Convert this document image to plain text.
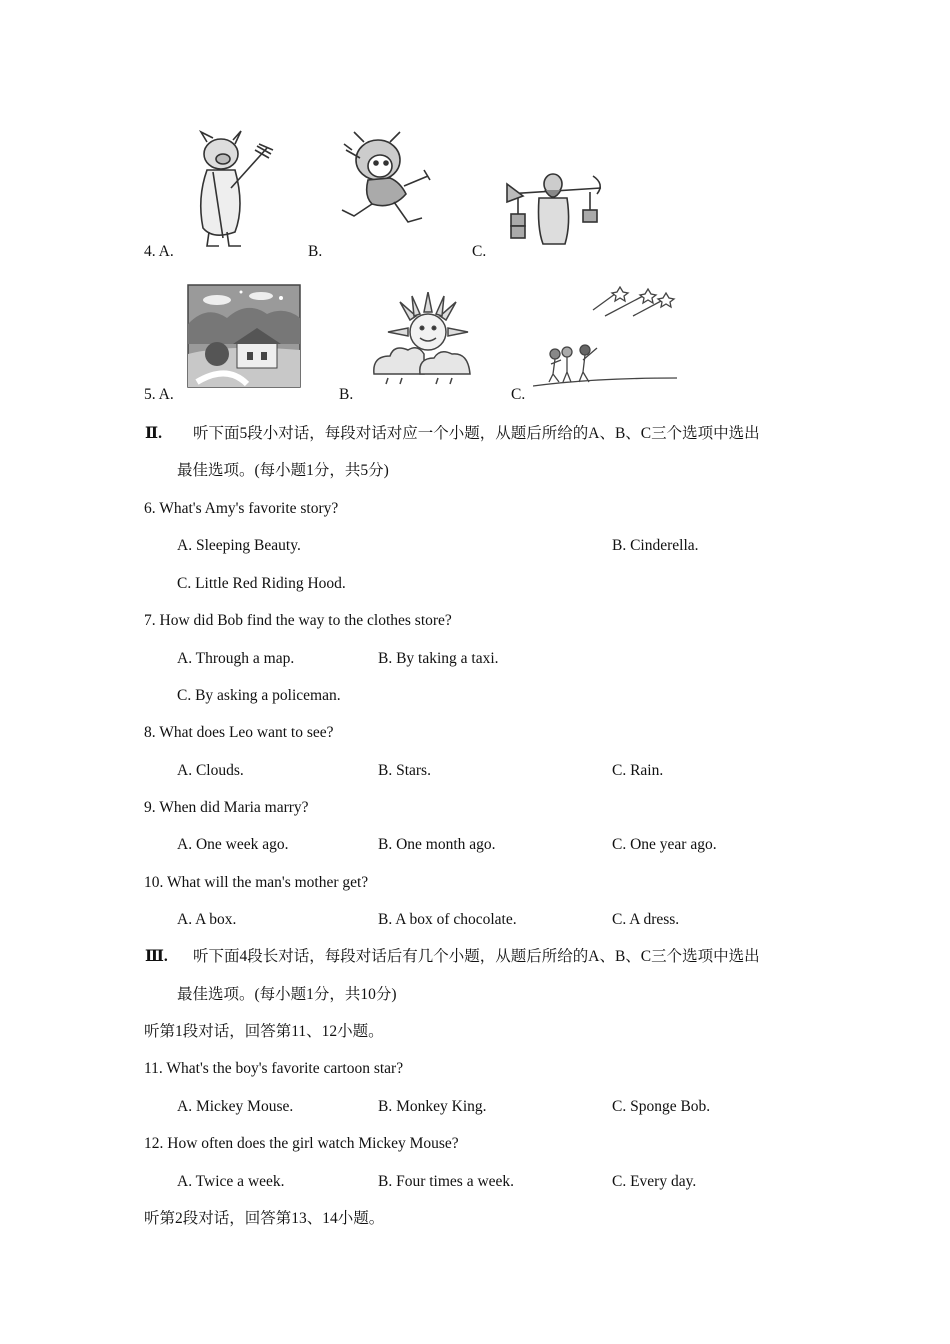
4. A.	B.	C.
5. A.	B.	C.
Ⅱ. 听下面5段小对话，每段对话对应一个小题，从题后所给的A、B、C三个选项中选出
最佳选项。(每小题1分，共5分)
6. What's Amy's favorite story?
A. Sleeping Beauty.	B. Cinderella.
C. Little Red Riding Hood.
7. How did Bob find the way to the clothes store?
A. Through a map.	B. By taking a taxi.
C. By asking a policeman.
8. What does Leo want to see?
A. Clouds.	B. Stars.	C. Rain.
9. When did Maria marry?
A. One week ago.	B. One month ago.	C. One year ago.
10. What will the man's mother get?
A. A box.	B. A box of chocolate.	C. A dress.
Ⅲ. 听下面4段长对话，每段对话后有几个小题，从题后所给的A、B、C三个选项中选出
最佳选项。(每小题1分，共10分)
听第1段对话，回答第11、12小题。
11. What's the boy's favorite cartoon star?
A. Mickey Mouse.	B. Monkey King.	C. Sponge Bob.
12. How often does the girl watch Mickey Mouse?
A. Twice a week.	B. Four times a week.	C. Every day.
听第2段对话，回答第13、14小题。
